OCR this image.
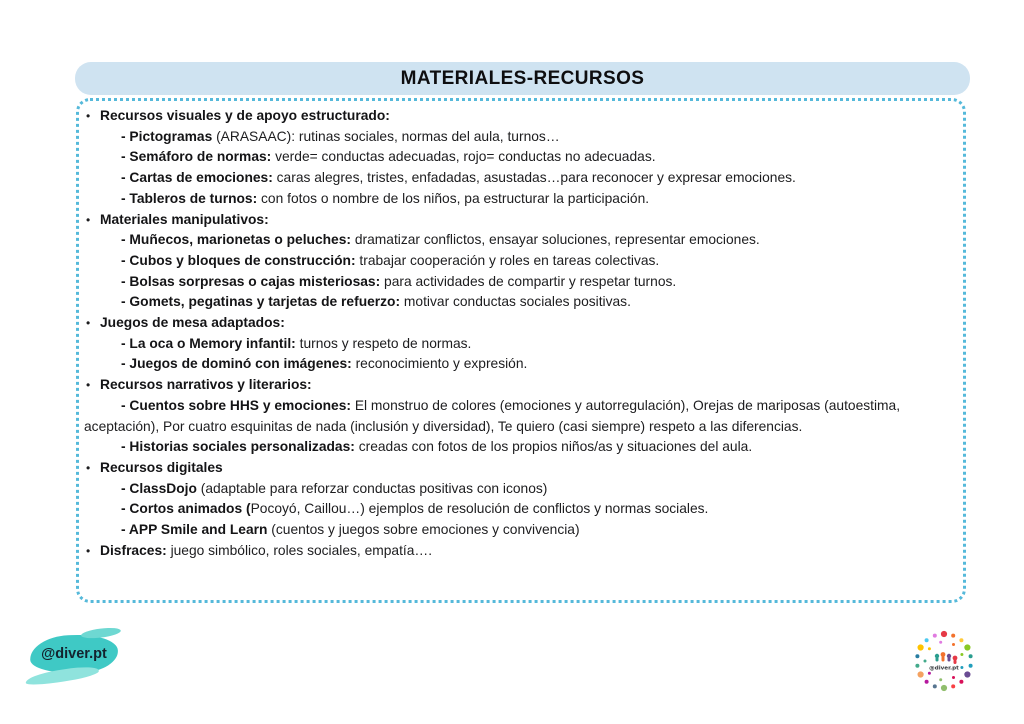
MATERIALES-RECURSOS
• Recursos visuales y de apoyo estructurado:
- Pictogramas (ARASAAC): rutinas sociales, normas del aula, turnos…
- Semáforo de normas: verde= conductas adecuadas, rojo= conductas no adecuadas.
- Cartas de emociones: caras alegres, tristes, enfadadas, asustadas…para reconocer y expresar emociones.
- Tableros de turnos: con fotos o nombre de los niños, pa estructurar la participación.
• Materiales manipulativos:
- Muñecos, marionetas o peluches: dramatizar conflictos, ensayar soluciones, representar emociones.
- Cubos y bloques de construcción: trabajar cooperación y roles en tareas colectivas.
- Bolsas sorpresas o cajas misteriosas: para actividades de compartir y respetar turnos.
- Gomets, pegatinas y tarjetas de refuerzo: motivar conductas sociales positivas.
• Juegos de mesa adaptados:
- La oca o Memory infantil: turnos y respeto de normas.
- Juegos de dominó con imágenes: reconocimiento y expresión.
• Recursos narrativos y literarios:
- Cuentos sobre HHS y emociones: El monstruo de colores (emociones y autorregulación), Orejas de mariposas (autoestima, aceptación), Por cuatro esquinitas de nada (inclusión y diversidad), Te quiero (casi siempre) respeto a las diferencias.
- Historias sociales personalizadas: creadas con fotos de los propios niños/as y situaciones del aula.
• Recursos digitales
- ClassDojo (adaptable para reforzar conductas positivas con iconos)
- Cortos animados (Pocoyó, Caillou…) ejemplos de resolución de conflictos y normas sociales.
- APP Smile and Learn (cuentos y juegos sobre emociones y convivencia)
• Disfraces: juego simbólico, roles sociales, empatía….
@diver.pt
@diver.pt
